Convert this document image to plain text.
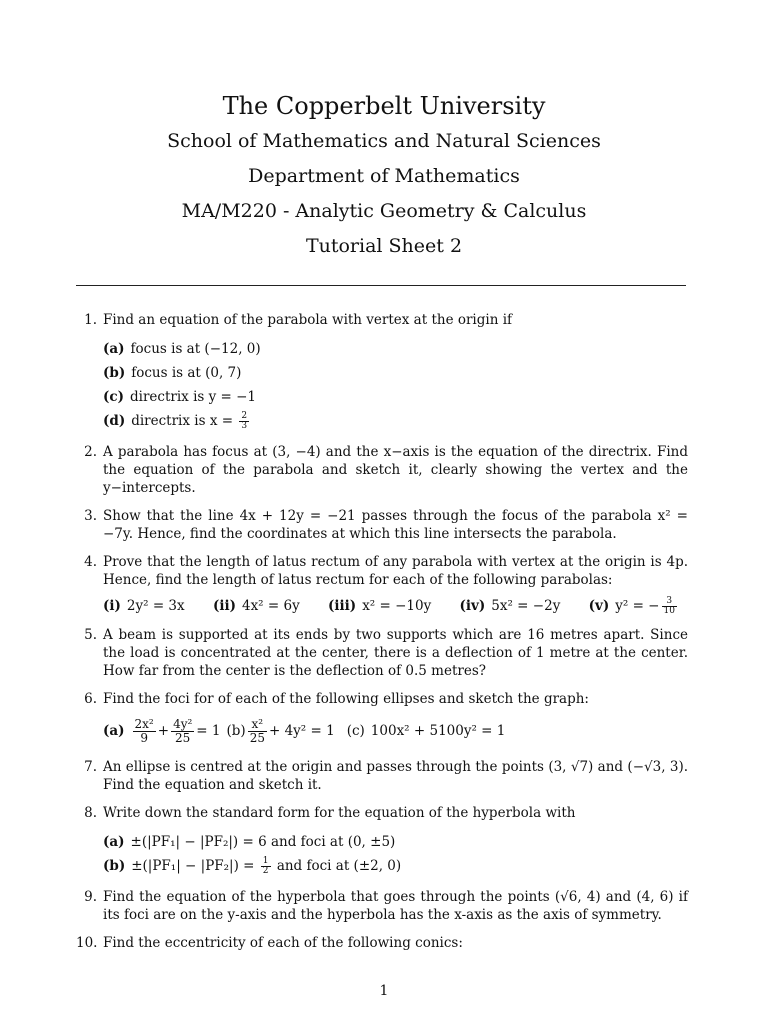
The Copperbelt University
School of Mathematics and Natural Sciences
Department of Mathematics
MA/M220 - Analytic Geometry & Calculus
Tutorial Sheet 2
1. Find an equation of the parabola with vertex at the origin if
(a) focus is at (−12, 0)
(b) focus is at (0, 7)
(c) directrix is y = −1
(d) directrix is $x = \frac{2}{3}$
2. A parabola has focus at (3, −4) and the x−axis is the equation of the directrix. Find the equation of the parabola and sketch it, clearly showing the vertex and the y−intercepts.
3. Show that the line 4x + 12y = −21 passes through the focus of the parabola x² = −7y. Hence, find the coordinates at which this line intersects the parabola.
4. Prove that the length of latus rectum of any parabola with vertex at the origin is 4p. Hence, find the length of latus rectum for each of the following parabolas:
(i) 2y² = 3x (ii) 4x² = 6y (iii) x² = −10y (iv) 5x² = −2y (v) y² = − $\frac{3}{10}$
5. A beam is supported at its ends by two supports which are 16 metres apart. Since the load is concentrated at the center, there is a deflection of 1 metre at the center. How far from the center is the deflection of 0.5 metres?
6. Find the foci for of each of the following ellipses and sketch the graph:
$(a) \frac{\text{2x²}}{9} + \frac{\text{4y²}}{25} = 1$ $(b) \frac{\text{x²}}{25} + 4y^2 = 1$ (c) 100x² + 5100y² = 1
7. An ellipse is centred at the origin and passes through the points (3, √7) and (−√3, 3). Find the equation and sketch it.
8. Write down the standard form for the equation of the hyperbola with
(a) ±(|PF₁| − |PF₂|) = 6 and foci at (0, ±5)
$(b) \pm(|PF_1| - |PF_2|) = \frac{1}{2}$ and foci at (±2, 0)
9. Find the equation of the hyperbola that goes through the points (√6, 4) and (4, 6) if its foci are on the y-axis and the hyperbola has the x-axis as the axis of symmetry.
10. Find the eccentricity of each of the following conics:
1
